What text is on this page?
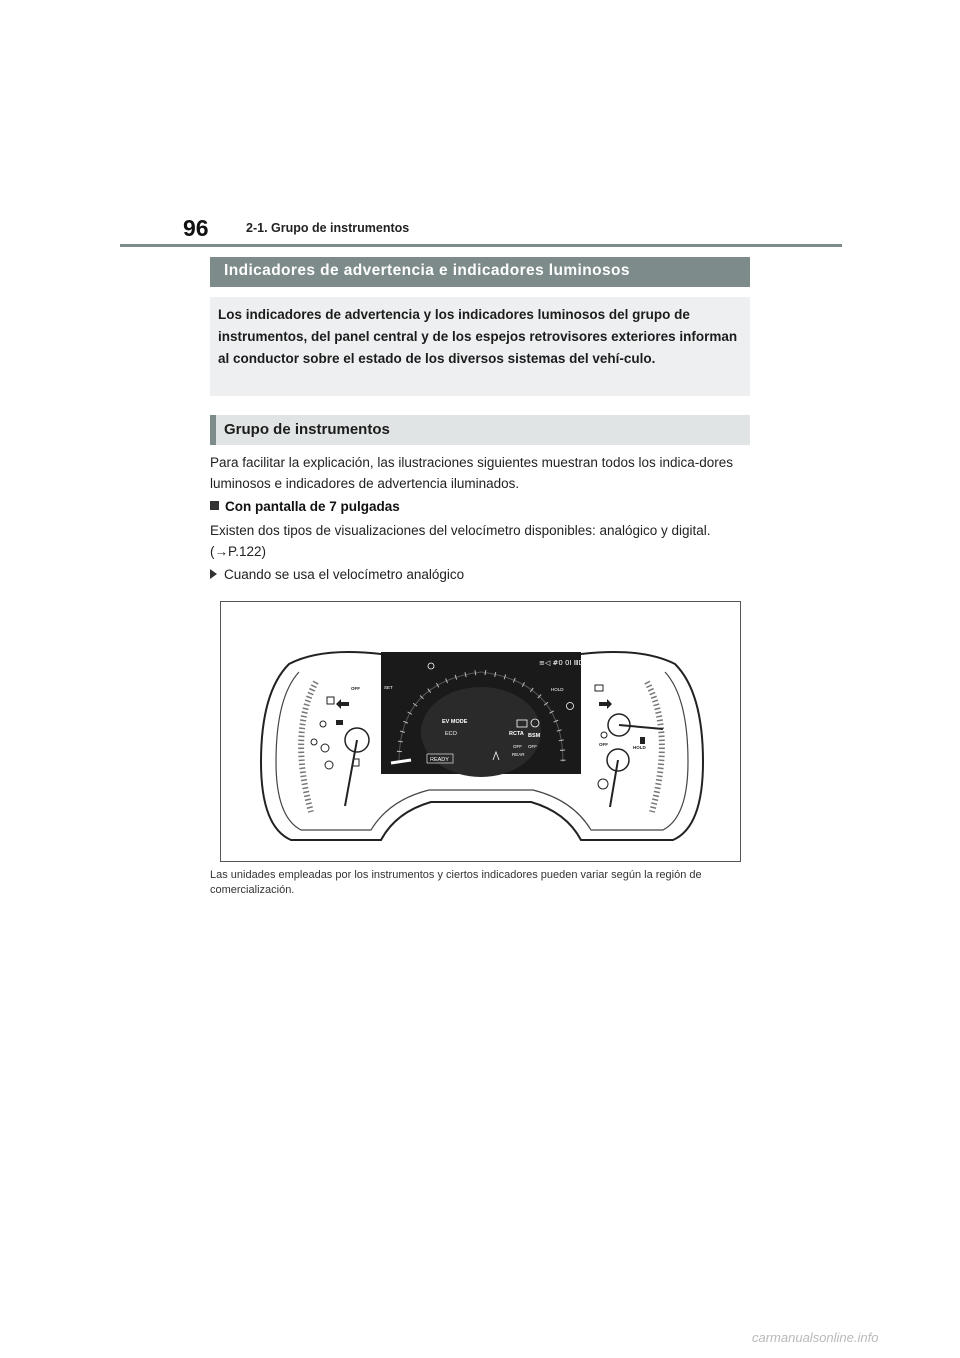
96	2-1. Grupo de instrumentos
Indicadores de advertencia e indicadores luminosos

Los indicadores de advertencia y los indicadores luminosos del grupo de instrumentos, del panel central y de los espejos retrovisores exteriores informan al conductor sobre el estado de los diversos sistemas del vehí-culo.

Grupo de instrumentos
Para facilitar la explicación, las ilustraciones siguientes muestran todos los indica-dores luminosos e indicadores de advertencia iluminados.
Con pantalla de 7 pulgadas
Existen dos tipos de visualizaciones del velocímetro disponibles: analógico y digital. (→P.122)
Cuando se usa el velocímetro analógico
EV MODE
ECO	RCTA BSM
OFF OFF
REAR
READY
HOLD
SET
≡◁ #0 0I ⅢD
OFF
HOLD
OFF
Las unidades empleadas por los instrumentos y ciertos indicadores pueden variar según la región de comercialización.
carmanualsonline.info
